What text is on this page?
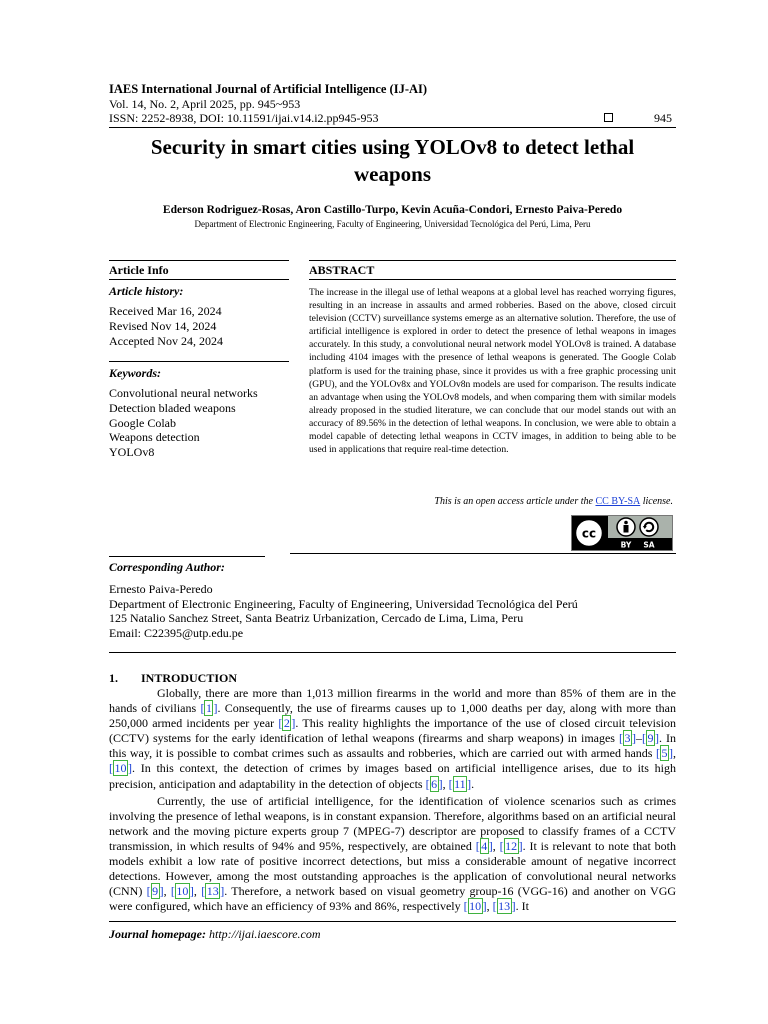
IAES International Journal of Artificial Intelligence (IJ-AI)
Vol. 14, No. 2, April 2025, pp. 945~953
ISSN: 2252-8938, DOI: 10.11591/ijai.v14.i2.pp945-953	945
Security in smart cities using YOLOv8 to detect lethal
weapons
Ederson Rodriguez-Rosas, Aron Castillo-Turpo, Kevin Acuña-Condori, Ernesto Paiva-Peredo
Department of Electronic Engineering, Faculty of Engineering, Universidad Tecnológica del Perú, Lima, Peru
Article Info
Article history:
Received Mar 16, 2024
Revised Nov 14, 2024
Accepted Nov 24, 2024
Keywords:
Convolutional neural networks
Detection bladed weapons
Google Colab
Weapons detection
YOLOv8
ABSTRACT
The increase in the illegal use of lethal weapons at a global level has reached worrying figures, resulting in an increase in assaults and armed robberies. Based on the above, closed circuit television (CCTV) surveillance systems emerge as an alternative solution. Therefore, the use of artificial intelligence is explored in order to detect the presence of lethal weapons in images accurately. In this study, a convolutional neural network model YOLOv8 is trained. A database including 4104 images with the presence of lethal weapons is generated. The Google Colab platform is used for the training phase, since it provides us with a free graphic processing unit (GPU), and the YOLOv8x and YOLOv8n models are used for comparison. The results indicate an advantage when using the YOLOv8 models, and when comparing them with similar models already proposed in the studied literature, we can conclude that our model stands out with an accuracy of 89.56% in the detection of lethal weapons. In conclusion, we were able to obtain a model capable of detecting lethal weapons in CCTV images, in addition to being able to be used in applications that require real-time detection.
This is an open access article under the CC BY-SA license.
cc
BY SA
Corresponding Author:
Ernesto Paiva-Peredo
Department of Electronic Engineering, Faculty of Engineering, Universidad Tecnológica del Perú
125 Natalio Sanchez Street, Santa Beatriz Urbanization, Cercado de Lima, Lima, Peru
Email: C22395@utp.edu.pe
1. INTRODUCTION

Globally, there are more than 1,013 million firearms in the world and more than 85% of them are in the hands of civilians [ 1 ] . Consequently, the use of firearms causes up to 1,000 deaths per day, along with more than 250,000 armed incidents per year [ 2 ] . This reality highlights the importance of the use of closed circuit television (CCTV) systems for the early identification of lethal weapons (firearms and sharp weapons) in images [ 3 ] –[ 9 ] . In this way, it is possible to combat crimes such as assaults and robberies, which are carried out with armed hands [ 5 ] , [ 10 ] . In this context, the detection of crimes by images based on artificial intelligence arises, due to its high precision, anticipation and adaptability in the detection of objects [ 6 ] , [ 11 ] .

Currently, the use of artificial intelligence, for the identification of violence scenarios such as crimes involving the presence of lethal weapons, is in constant expansion. Therefore, algorithms based on an artificial neural network and the moving picture experts group 7 (MPEG-7) descriptor are proposed to classify frames of a CCTV transmission, in which results of 94% and 95%, respectively, are obtained [ 4 ] , [ 12 ] . It is relevant to note that both models exhibit a low rate of positive incorrect detections, but miss a considerable amount of negative incorrect detections. However, among the most outstanding approaches is the application of convolutional neural networks (CNN) [ 9 ] , [ 10 ] , [ 13 ] . Therefore, a network based on visual geometry group-16 (VGG-16) and another on VGG were configured, which have an efficiency of 93% and 86%, respectively [ 10 ] , [ 13 ] . It

Journal homepage: http://ijai.iaescore.com
